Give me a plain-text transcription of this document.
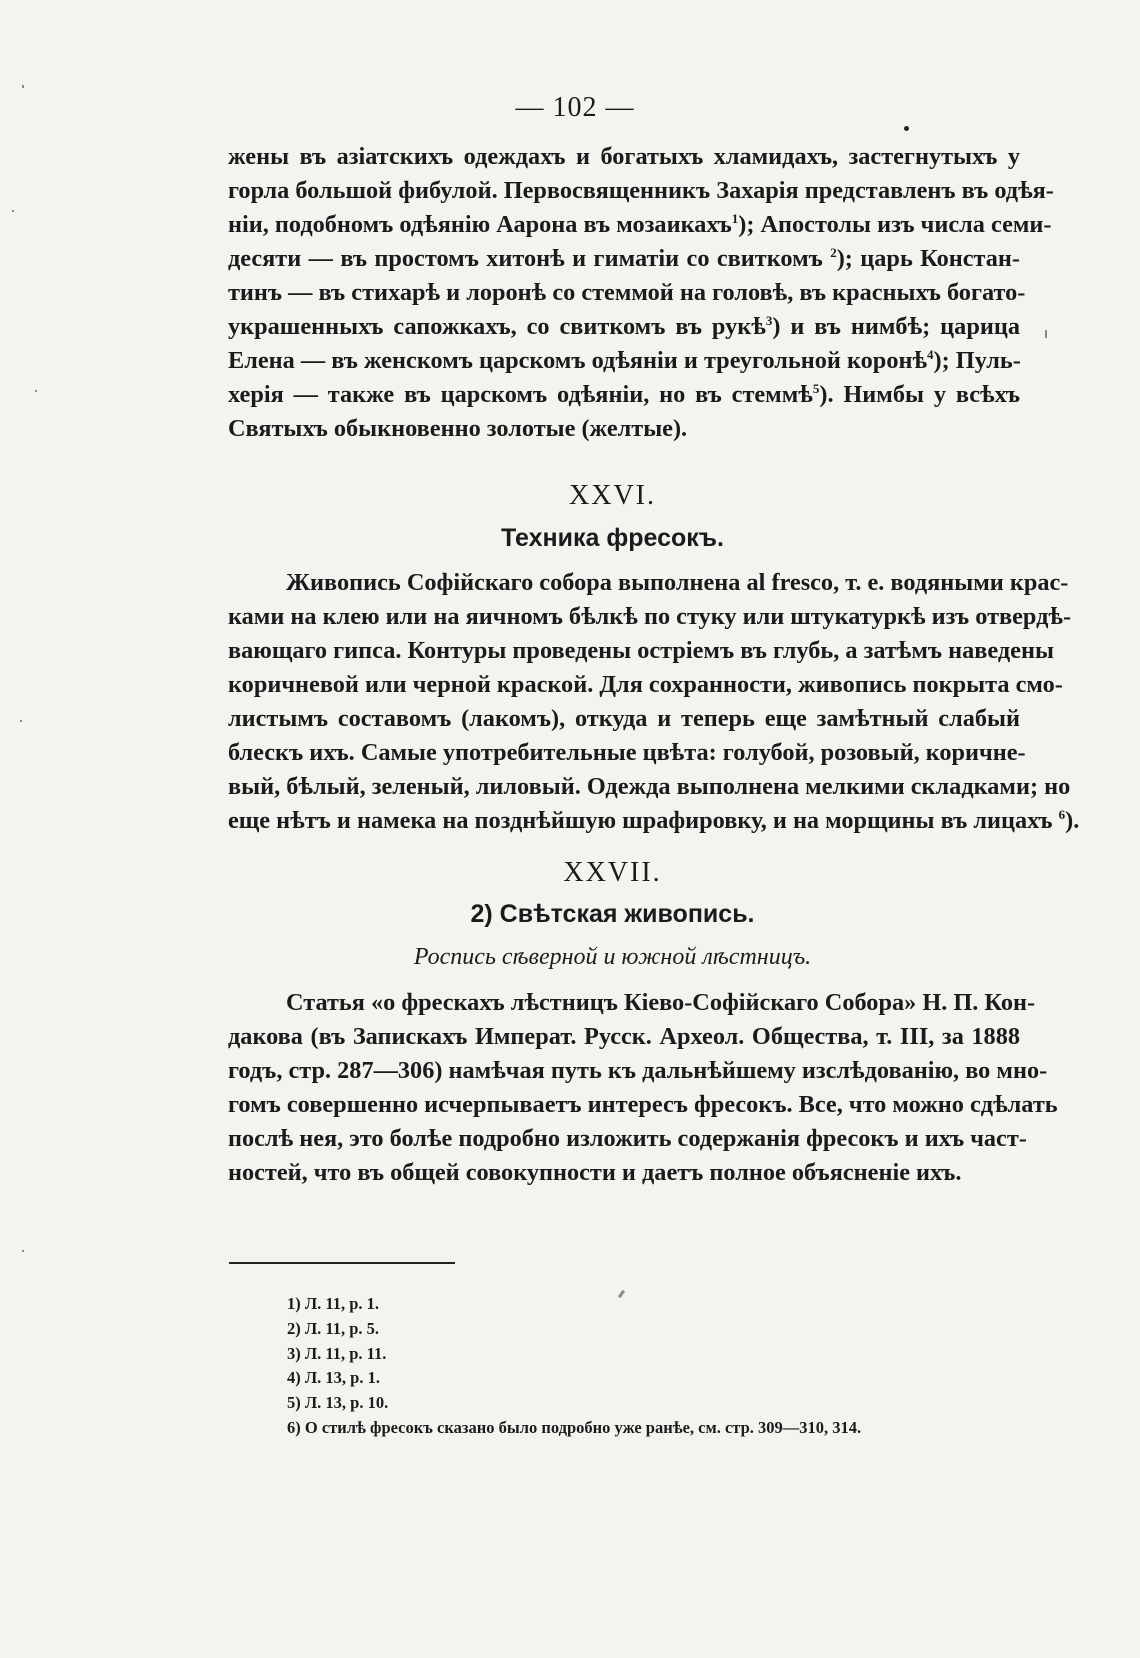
— 102 —
жены въ азіатскихъ одеждахъ и богатыхъ хламидахъ, застегнутыхъ у
горла большой фибулой. Первосвященникъ Захарія представленъ въ одѣя-
ніи, подобномъ одѣянію Аарона въ мозаикахъ$^1$); Апостолы изъ числа семи-
десяти — въ простомъ хитонѣ и гиматіи со свиткомъ $^2$); царь Констан-
тинъ — въ стихарѣ и лоронѣ со стеммой на головѣ, въ красныхъ богато-
украшенныхъ сапожкахъ, со свиткомъ въ рукѣ$^3$) и въ нимбѣ; царица
Елена — въ женскомъ царскомъ одѣяніи и треугольной коронѣ$^4$); Пуль-
херія — также въ царскомъ одѣяніи, но въ стеммѣ$^5$). Нимбы у всѣхъ
Святыхъ обыкновенно золотые (желтые).
XXVI.
Техника фресокъ.
Живопись Софійскаго собора выполнена al fresco, т. е. водяными крас-
ками на клею или на яичномъ бѣлкѣ по стуку или штукатуркѣ изъ отвердѣ-
вающаго гипса. Контуры проведены остріемъ въ глубь, а затѣмъ наведены
коричневой или черной краской. Для сохранности, живопись покрыта смо-
листымъ составомъ (лакомъ), откуда и теперь еще замѣтный слабый
блескъ ихъ. Самые употребительные цвѣта: голубой, розовый, коричне-
вый, бѣлый, зеленый, лиловый. Одежда выполнена мелкими складками; но
еще нѣтъ и намека на позднѣйшую шрафировку, и на морщины въ лицахъ $^6$).
XXVII.
2) Свѣтская живопись.
Роспись сѣверной и южной лѣстницъ.
Статья «о фрескахъ лѣстницъ Кіево-Софійскаго Собора» Н. П. Кон-
дакова (въ Запискахъ Императ. Русск. Археол. Общества, т. III, за 1888
годъ, стр. 287—306) намѣчая путь къ дальнѣйшему изслѣдованію, во мно-
гомъ совершенно исчерпываетъ интересъ фресокъ. Все, что можно сдѣлать
послѣ нея, это болѣе подробно изложить содержанія фресокъ и ихъ част-
ностей, что въ общей совокупности и даетъ полное объясненіе ихъ.
1) Л. 11, р. 1.
2) Л. 11, р. 5.
3) Л. 11, р. 11.
4) Л. 13, р. 1.
5) Л. 13, р. 10.
6) О стилѣ фресокъ сказано было подробно уже ранѣе, см. стр. 309—310, 314.
